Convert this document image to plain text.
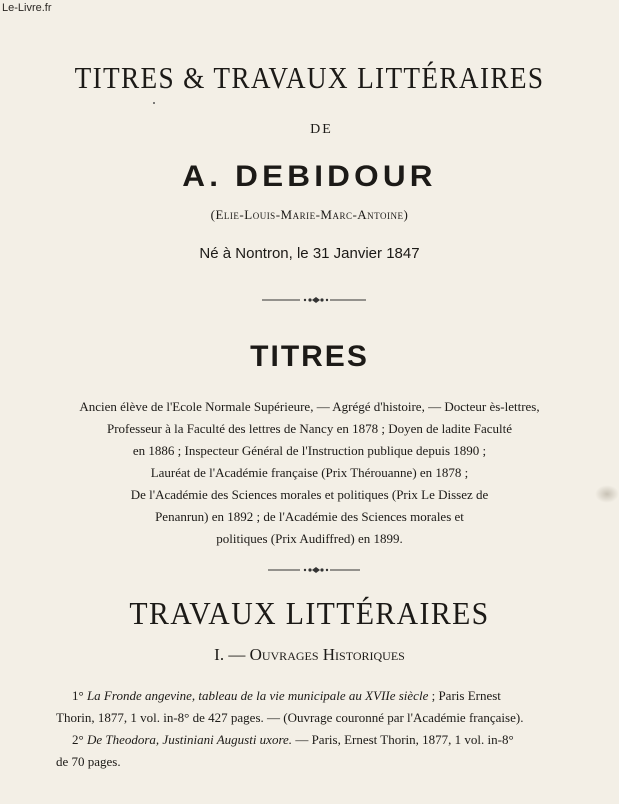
Le-Livre.fr
TITRES & TRAVAUX LITTÉRAIRES
DE
A. DEBIDOUR
(Elie-Louis-Marie-Marc-Antoine)
Né à Nontron, le 31 Janvier 1847
TITRES
Ancien élève de l'Ecole Normale Supérieure, — Agrégé d'histoire, — Docteur ès-lettres,
Professeur à la Faculté des lettres de Nancy en 1878 ; Doyen de ladite Faculté
en 1886 ; Inspecteur Général de l'Instruction publique depuis 1890 ;
Lauréat de l'Académie française (Prix Thérouanne) en 1878 ;
De l'Académie des Sciences morales et politiques (Prix Le Dissez de
Penanrun) en 1892 ; de l'Académie des Sciences morales et
politiques (Prix Audiffred) en 1899.
TRAVAUX LITTÉRAIRES
I. — Ouvrages Historiques
1° La Fronde angevine, tableau de la vie municipale au XVIIe siècle ; Paris Ernest
Thorin, 1877, 1 vol. in-8° de 427 pages. — (Ouvrage couronné par l'Académie française).
2° De Theodora, Justiniani Augusti uxore. — Paris, Ernest Thorin, 1877, 1 vol. in-8°
de 70 pages.
